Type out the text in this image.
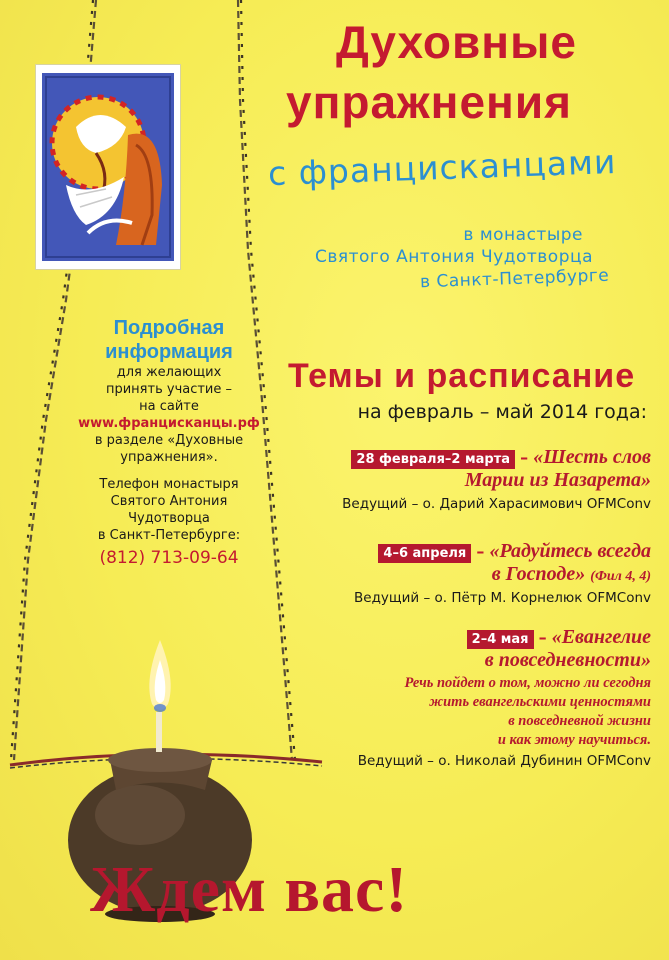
Духовные
упражнения
с францисканцами
в монастыре
Святого Антония Чудотворца
в Санкт-Петербурге
Подробная
информация
для желающих
принять участие –
на сайте
www.францисканцы.рф
в разделе «Духовные
упражнения».
Телефон монастыря
Святого Антония
Чудотворца
в Санкт-Петербурге:
(812) 713-09-64
Темы и расписание
на февраль – май 2014 года:
28 февраля–2 марта – «Шесть слов
Марии из Назарета»
Ведущий – о. Дарий Харасимович OFMConv
4–6 апреля – «Радуйтесь всегда
в Господе» (Фил 4, 4)
Ведущий – о. Пётр М. Корнелюк OFMConv
2–4 мая – «Евангелие
в повседневности»
Речь пойдет о том, можно ли сегодня
жить евангельскими ценностями
в повседневной жизни
и как этому научиться.
Ведущий – о. Николай Дубинин OFMConv
Ждем вас!
